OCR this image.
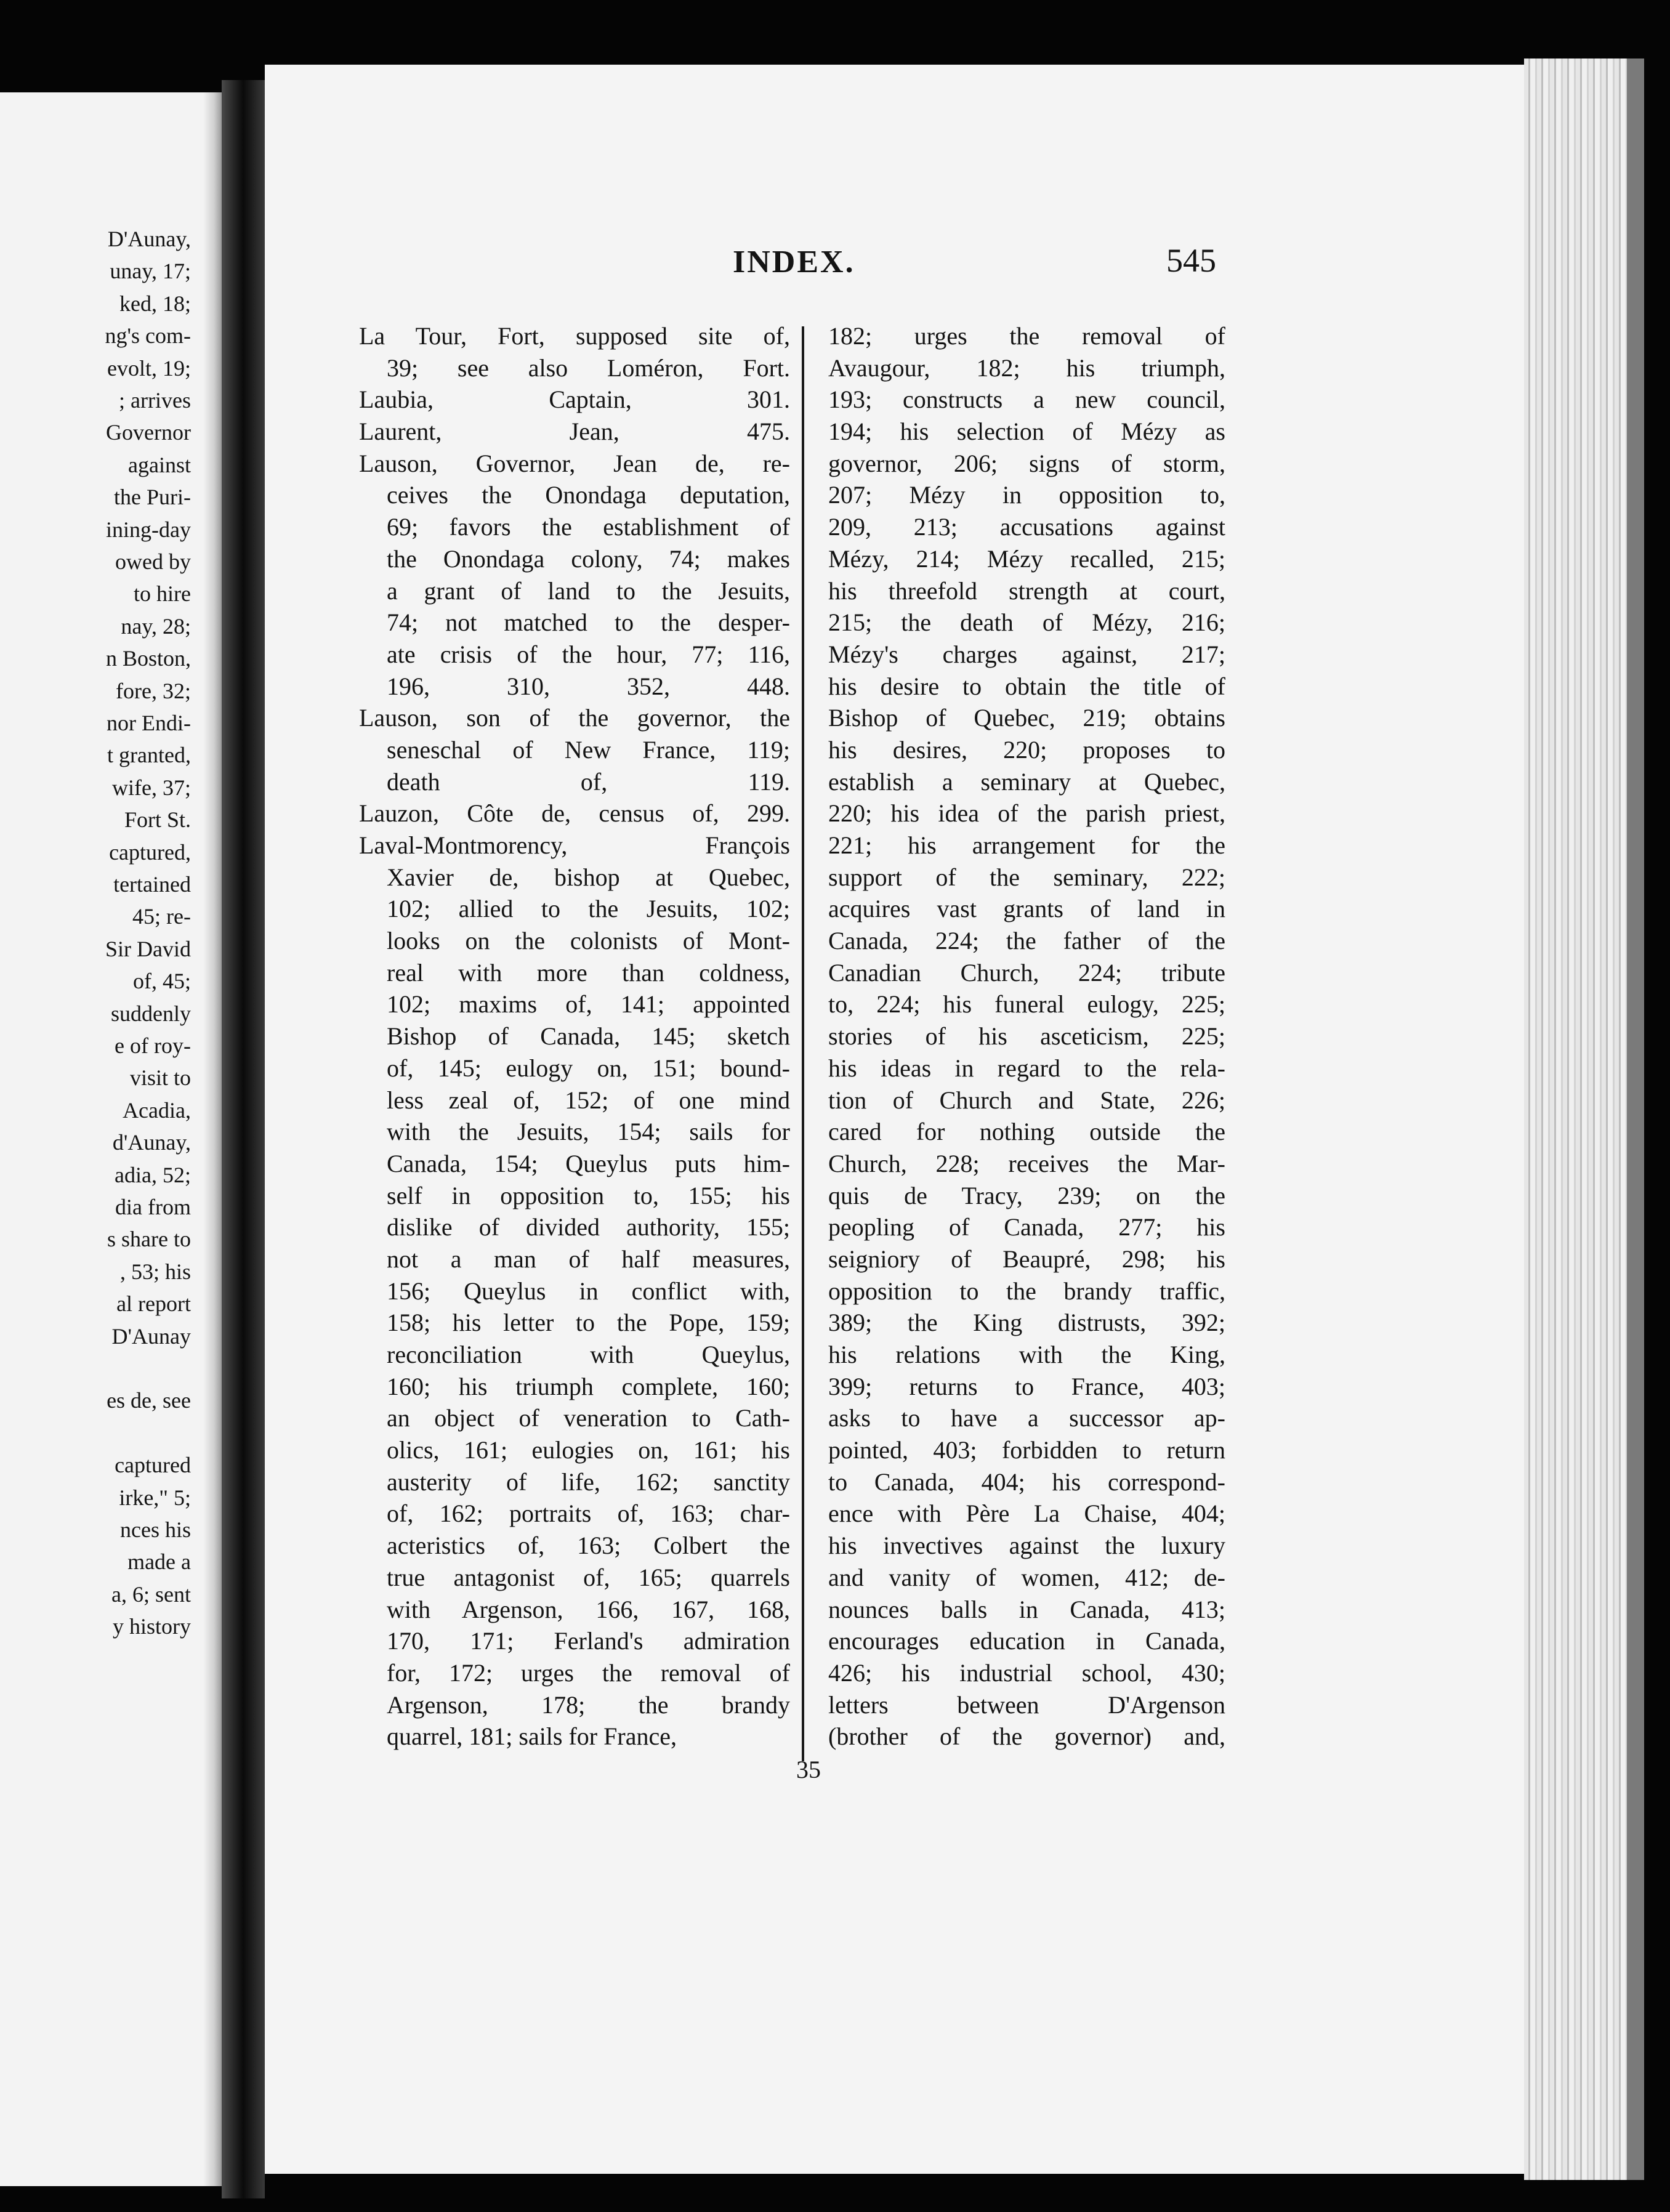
D'Aunay,
unay, 17;
ked, 18;
ng's com-
evolt, 19;
; arrives
Governor
against
the Puri-
ining-day
owed by
to hire
nay, 28;
n Boston,
fore, 32;
nor Endi-
t granted,
wife, 37;
Fort St.
captured,
tertained
45; re-
Sir David
of, 45;
suddenly
e of roy-
visit to
Acadia,
d'Aunay,
adia, 52;
dia from
s share to
, 53; his
al report
D'Aunay
es de, see
captured
irke," 5;
nces his
made a
a, 6; sent
y history
INDEX.	545
La Tour, Fort, supposed site of,
39; see also Loméron, Fort.
Laubia, Captain, 301.
Laurent, Jean, 475.
Lauson, Governor, Jean de, re-
ceives the Onondaga deputation,
69; favors the establishment of
the Onondaga colony, 74; makes
a grant of land to the Jesuits,
74; not matched to the desper-
ate crisis of the hour, 77; 116,
196, 310, 352, 448.
Lauson, son of the governor, the
seneschal of New France, 119;
death of, 119.
Lauzon, Côte de, census of, 299.
Laval-Montmorency, François
Xavier de, bishop at Quebec,
102; allied to the Jesuits, 102;
looks on the colonists of Mont-
real with more than coldness,
102; maxims of, 141; appointed
Bishop of Canada, 145; sketch
of, 145; eulogy on, 151; bound-
less zeal of, 152; of one mind
with the Jesuits, 154; sails for
Canada, 154; Queylus puts him-
self in opposition to, 155; his
dislike of divided authority, 155;
not a man of half measures,
156; Queylus in conflict with,
158; his letter to the Pope, 159;
reconciliation with Queylus,
160; his triumph complete, 160;
an object of veneration to Cath-
olics, 161; eulogies on, 161; his
austerity of life, 162; sanctity
of, 162; portraits of, 163; char-
acteristics of, 163; Colbert the
true antagonist of, 165; quarrels
with Argenson, 166, 167, 168,
170, 171; Ferland's admiration
for, 172; urges the removal of
Argenson, 178; the brandy
quarrel, 181; sails for France,
182; urges the removal of
Avaugour, 182; his triumph,
193; constructs a new council,
194; his selection of Mézy as
governor, 206; signs of storm,
207; Mézy in opposition to,
209, 213; accusations against
Mézy, 214; Mézy recalled, 215;
his threefold strength at court,
215; the death of Mézy, 216;
Mézy's charges against, 217;
his desire to obtain the title of
Bishop of Quebec, 219; obtains
his desires, 220; proposes to
establish a seminary at Quebec,
220; his idea of the parish priest,
221; his arrangement for the
support of the seminary, 222;
acquires vast grants of land in
Canada, 224; the father of the
Canadian Church, 224; tribute
to, 224; his funeral eulogy, 225;
stories of his asceticism, 225;
his ideas in regard to the rela-
tion of Church and State, 226;
cared for nothing outside the
Church, 228; receives the Mar-
quis de Tracy, 239; on the
peopling of Canada, 277; his
seigniory of Beaupré, 298; his
opposition to the brandy traffic,
389; the King distrusts, 392;
his relations with the King,
399; returns to France, 403;
asks to have a successor ap-
pointed, 403; forbidden to return
to Canada, 404; his correspond-
ence with Père La Chaise, 404;
his invectives against the luxury
and vanity of women, 412; de-
nounces balls in Canada, 413;
encourages education in Canada,
426; his industrial school, 430;
letters between D'Argenson
(brother of the governor) and,
35
